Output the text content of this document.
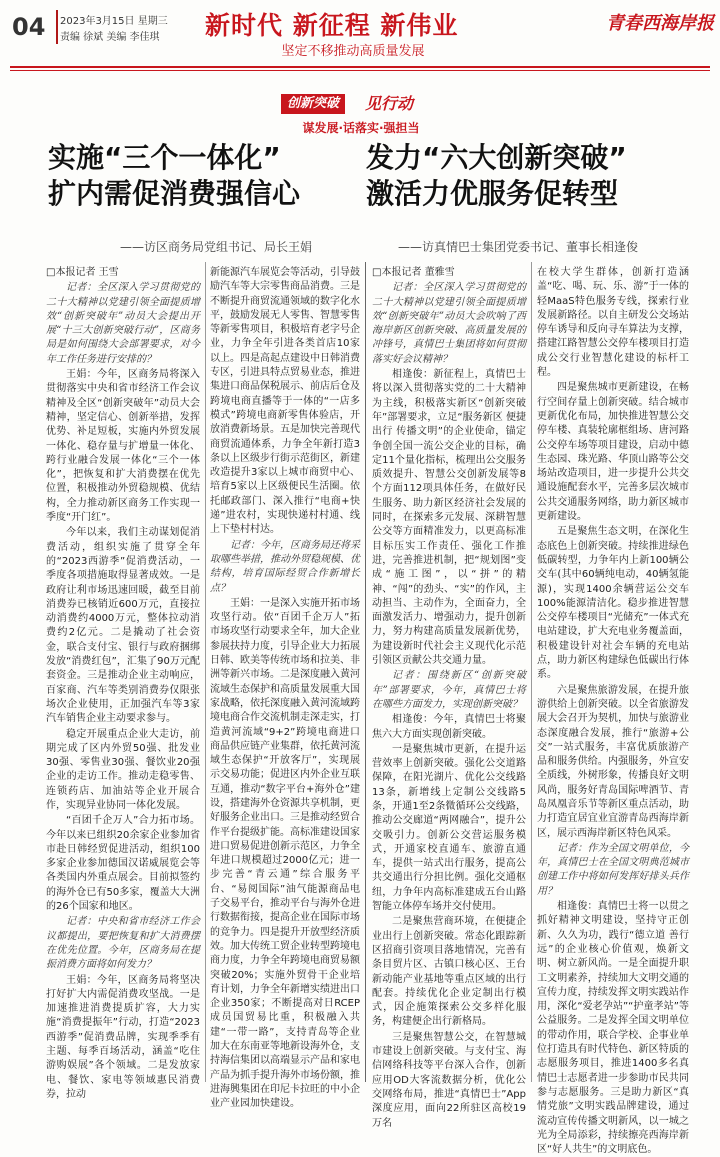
04	2023年3月15日 星期三
责编 徐斌 美编 李佳琪 新时代 新征程 新伟业
坚定不移推动高质量发展
青春西海岸报
创新突破	见行动
谋发展·话落实·强担当
实施“三个一体化”
扩内需促消费强信心
——访区商务局党组书记、局长王娟
发力“六大创新突破”
激活力优服务促转型
——访真情巴士集团党委书记、董事长相逢俊

□本报记者 王雪

记者：全区深入学习贯彻党的二十大精神以党建引领全面提质增效“创新突破年”动员大会提出开展“十三大创新突破行动”，区商务局是如何围绕大会部署要求，对今年工作任务进行安排的？

王娟：今年，区商务局将深入贯彻落实中央和省市经济工作会议精神及全区“创新突破年”动员大会精神，坚定信心、创新举措，发挥优势、补足短板，实施内外贸发展一体化、稳存量与扩增量一体化、跨行业融合发展一体化“三个一体化”，把恢复和扩大消费摆在优先位置，积极推动外贸稳规模、优结构，全力推动新区商务工作实现一季度“开门红”。

今年以来，我们主动谋划促消费活动，组织实施了贯穿全年的“2023西游季”促消费活动，一季度各项措施取得显著成效。一是政府让利市场迅速回暖，截至目前消费券已核销近600万元，直接拉动消费约4000万元，整体拉动消费约2亿元。二是撬动了社会资金，联合支付宝、银行与政府捆绑发放“消费红包”，汇集了90万元配套资金。三是推动企业主动响应，百家商、汽车等类别消费券仅限张场次企业使用，正加强汽车等3家汽车销售企业主动要求参与。

稳定开展重点企业大走访，前期完成了区内外贸50强、批发业30强、零售业30强、餐饮业20强企业的走访工作。推动走稳零售、连锁药店、加油站等企业开展合作，实现异业协同一体化发展。

“百团千企万人”合力拓市场。今年以来已组织20余家企业参加省市赴日韩经贸促进活动，组织100多家企业参加德国汉诺威展览会等各类国内外重点展会。目前拟签约的海外仓已有50多家，覆盖大大洲的26个国家和地区。

记者：中央和省市经济工作会议都提出，要把恢复和扩大消费摆在优先位置。今年，区商务局在提振消费方面将如何发力？

王娟：今年，区商务局将坚决打好扩大内需促消费攻坚战。一是加速推进消费提质扩容，大力实施“消费提振年”行动，打造“2023西游季”促消费品牌，实现季季有主题、每季百场活动，涵盖“吃住游购娱展”各个领域。二是发放家电、餐饮、家电等领域惠民消费券，拉动

新能源汽车展览会等活动，引导鼓励汽车等大宗零售商品消费。三是不断提升商贸流通领域的数字化水平，鼓励发展无人零售、智慧零售等新零售项目，积极培育老字号企业，力争全年引进各类首店10家以上。四是高起点建设中日韩消费专区，引进具特点贸易业态，推进集进口商品保税展示、前店后仓及跨境电商直播等于一体的“一店多模式”跨境电商新零售体验店，开放消费新场景。五是加快完善现代商贸流通体系，力争全年新打造3条以上区级步行街示范街区，新建改造提升3家以上城市商贸中心、培育5家以上区级便民生活圈。依托邮政部门、深入推行“电商+快递”进农村，实现快递村村通、线上下垫村村达。

记者：今年，区商务局还将采取哪些举措，推动外贸稳规模、优结构，培育国际经贸合作新增长点？

王娟：一是深入实施开拓市场攻坚行动。依“百团千企万人”拓市场攻坚行动要求全年，加大企业参展扶持力度，引导企业大力拓展日韩、欧美等传统市场和拉美、非洲等新兴市场。二是深度融入黄河流域生态保护和高质量发展重大国家战略，依托深度融入黄河流域跨境电商合作交流机制走深走实，打造黄河流域“9+2”跨境电商进口商品供应链产业集群，依托黄河流域生态保护“开放客厅”，实现展示交易功能；促进区内外企业互联互通，推动“数字平台+海外仓”建设，搭建海外仓资源共享机制，更好服务企业出口。三是推动经贸合作平台提级扩能。高标准建设国家进口贸易促进创新示范区，力争全年进口规模超过2000亿元；进一步完善“青云通”综合服务平台、“易阅国际”油气能源商品电子交易平台，推动平台与海外仓进行数据衔接，提高企业在国际市场的竞争力。四是提升开放型经济质效。加大传统工贸企业转型跨境电商力度，力争全年跨境电商贸易额突破20%；实施外贸骨干企业培育计划，力争全年新增实绩进出口企业350家；不断提高对日RCEP成员国贸易比重，积极融入共建“一带一路”，支持青岛等企业加大在东南亚等地新设海外仓，支持海信集团以高端显示产品和家电产品为抓手提升海外市场份额，推进海興集团在印尼卡拉旺的中小企业产业园加快建设。

□本报记者 董雅雪

记者：全区深入学习贯彻党的二十大精神以党建引领全面提质增效“创新突破年”动员大会吹响了西海岸新区创新突破、高质量发展的冲锋号，真情巴士集团将如何贯彻落实好会议精神？

相逢俊：新征程上，真情巴士将以深入贯彻落实党的二十大精神为主线，积极落实新区“创新突破年”部署要求，立足“服务新区 便捷出行 传播文明”的企业使命，锚定争创全国一流公交企业的目标，确定11个量化指标，梳理出公交服务质效提升、智慧公交创新发展等8个方面112项具体任务，在做好民生服务、助力新区经济社会发展的同时，在探索多元发展、深耕智慧公交等方面精准发力，以更高标准目标压实工作责任、强化工作推进，完善推进机制，把“规划图”变成“施工图”，以“拼”的精神、“闯”的劲头、“实”的作风，主动担当、主动作为，全面奋力，全面激发活力、增强动力，提升创新力，努力构建高质量发展新优势，为建设新时代社会主义现代化示范引领区贡献公共交通力量。

记者：围绕新区“创新突破年”部署要求，今年，真情巴士将在哪些方面发力，实现创新突破？

相逢俊：今年，真情巴士将聚焦六大方面实现创新突破。

一是聚焦城市更新，在提升运营效率上创新突破。强化公交道路保障，在阳光湖片、优化公交线路13条，新增线上定制公交线路5条，开通1至2条微循环公交线路，推动公交廊道“两网融合”，提升公交吸引力。创新公交营运服务模式，开通家校直通车、旅游直通车，提供一站式出行服务，提高公共交通出行分担比例。强化交通枢纽，力争年内高标准建成五台山路智能立体停车场并交付使用。

二是聚焦营商环境，在便捷企业出行上创新突破。常态化跟踪新区招商引资项目落地情况，完善有条目贸片区、古镇口核心区、王台新动能产业基地等重点区域的出行配套。持续优化企业定制出行模式，因企施策探索公交多样化服务，构建便企出行新格局。

三是聚焦智慧公交，在智慧城市建设上创新突破。与支付宝、海信网络科技等平台深入合作，创新应用OD大客流数据分析，优化公交网络布局，推进“真情巴士”App深度应用，面向22所驻区高校19万名

在校大学生群体，创新打造涵盖“吃、喝、玩、乐、游”于一体的轻MaaS特色服务专线，探索行业发展新路径。以自主研发公交场站停车诱导和反向寻车算法为支撑，搭建江路智慧公交停车楼项目打造成公交行业智慧化建设的标杆工程。

四是聚焦城市更新建设，在畅行空间存量上创新突破。结合城市更新优化布局，加快推进智慧公交停车楼、真装轮廓框组场、唐河路公交停车场等项目建设，启动中德生态园、珠光路、华顶山路等公交场站改造项目，进一步提升公共交通设施配套水平，完善多层次城市公共交通服务网络，助力新区城市更新建设。

五是聚焦生态文明，在深化生态底色上创新突破。持续推进绿色低碳转型，力争年内上新100辆公交车(其中60辆纯电动，40辆氢能源)，实现1400余辆营运公交车100%能源清洁化。稳步推进智慧公交停车楼项目“光储充”一体式充电站建设，扩大充电业务覆盖面，积极建设针对社会车辆的充电站点，助力新区构建绿色低碳出行体系。

六是聚焦旅游发展，在提升旅游供给上创新突破。以全省旅游发展大会召开为契机，加快与旅游业态深度融合发展，推行“旅游+公交”一站式服务，丰富优质旅游产品和服务供给。内强服务，外宣安全质线，外树形象，传播良好文明风尚，服务好青岛国际啤酒节、青岛凤凰音乐节等新区重点活动，助力打造宜居宜业宜游青岛西海岸新区，展示西海岸新区特色风采。

记者：作为全国文明单位，今年，真情巴士在全国文明典范城市创建工作中将如何发挥好排头兵作用？

相逢俊：真情巴士将一以贯之抓好精神文明建设，坚持守正创新、久久为功，践行“德立道 善行远”的企业核心价值观，焕新文明、树立新风尚。一是全面提升职工文明素养，持续加大文明交通的宣传力度，持续发挥文明实践站作用，深化“爱老孕站”“护童孝站”等公益服务。二是发挥全国文明单位的带动作用，联合学校、企事业单位打造具有时代特色、新区特质的志愿服务项目，推进1400多名真情巴士志愿者进一步参助市民共同参与志愿服务。三是助力新区“真情党旅”文明实践品牌建设，通过流动宣传传播文明新风，以一城之光为全局添彩，持续擦亮西海岸新区“好人共生”的文明底色。
